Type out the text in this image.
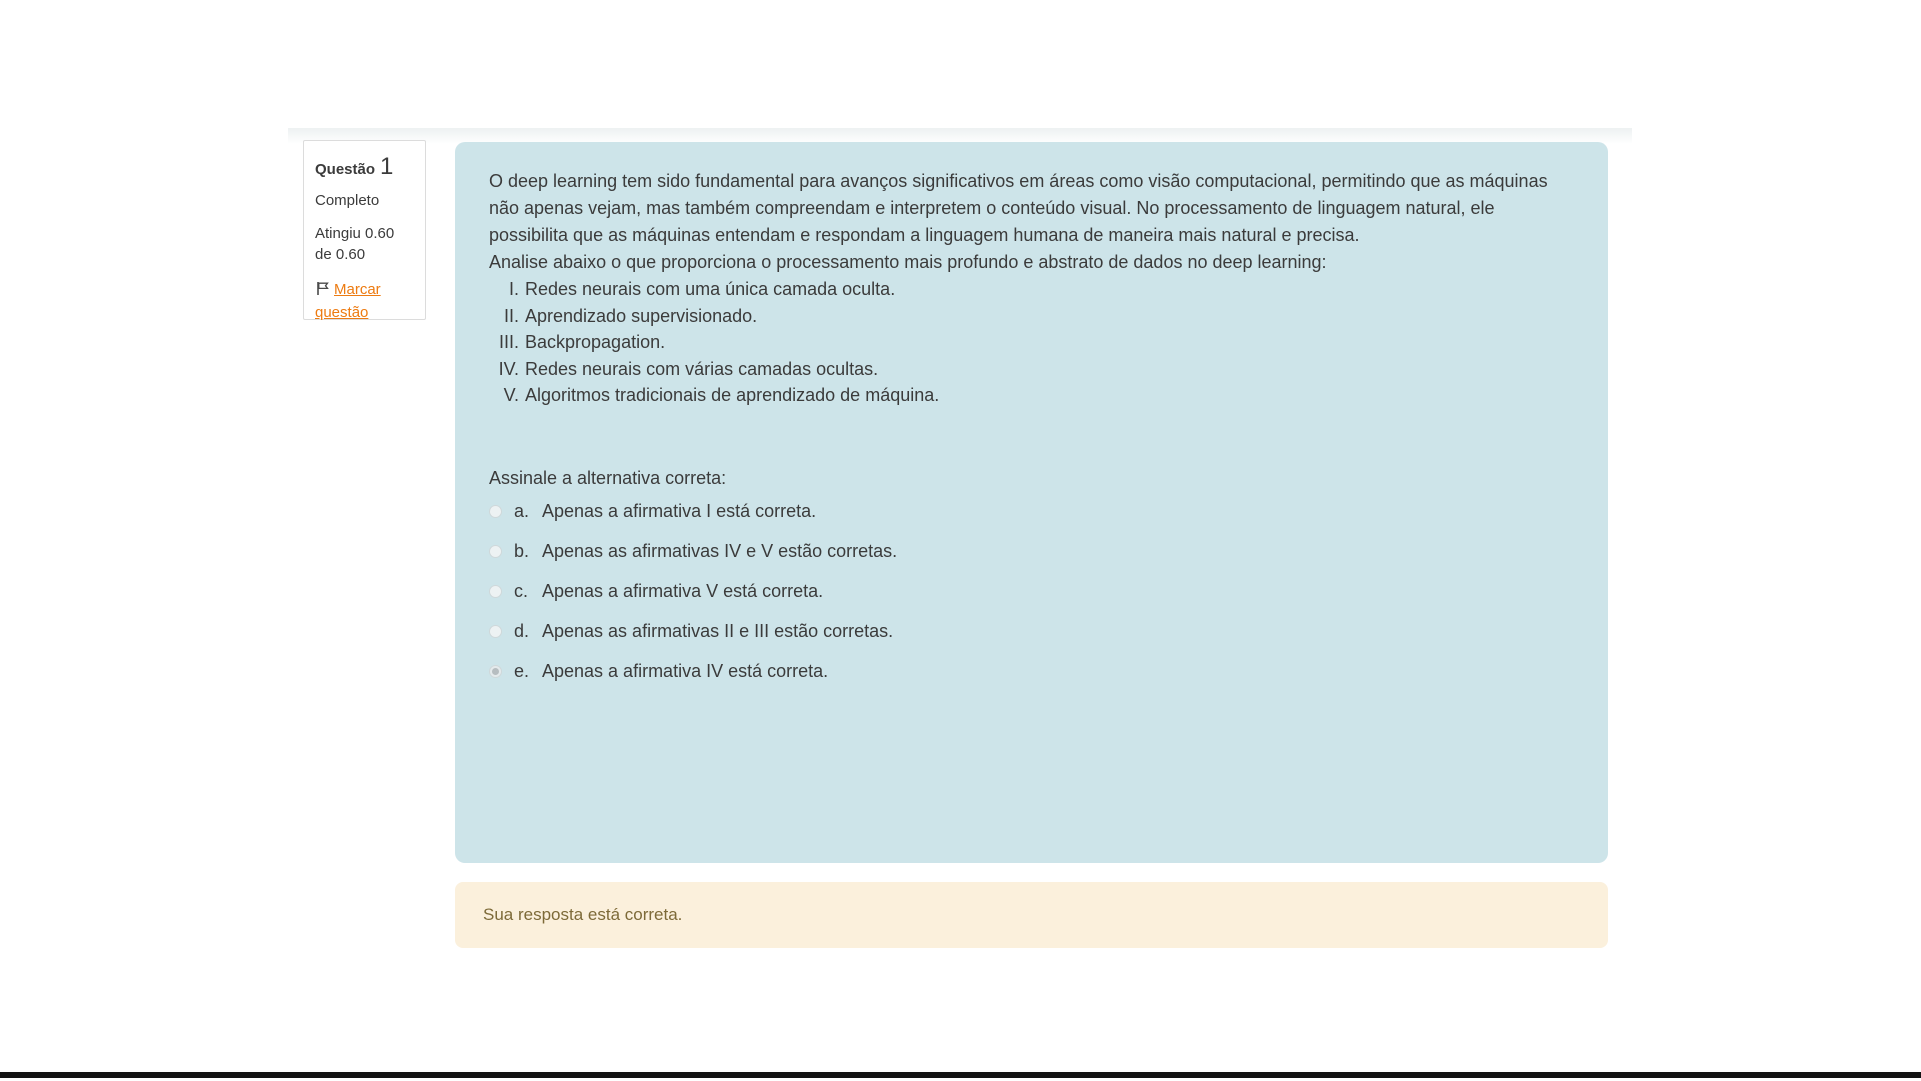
Questão 1
Completo
Atingiu 0.60 de 0.60
Marcar questão

O deep learning tem sido fundamental para avanços significativos em áreas como visão computacional, permitindo que as máquinas não apenas vejam, mas também compreendam e interpretem o conteúdo visual. No processamento de linguagem natural, ele possibilita que as máquinas entendam e respondam a linguagem humana de maneira mais natural e precisa.

Analise abaixo o que proporciona o processamento mais profundo e abstrato de dados no deep learning:

I. Redes neurais com uma única camada oculta.
II. Aprendizado supervisionado.
III. Backpropagation.
IV. Redes neurais com várias camadas ocultas.
V. Algoritmos tradicionais de aprendizado de máquina.

Assinale a alternativa correta:

a. Apenas a afirmativa I está correta.
b. Apenas as afirmativas IV e V estão corretas.
c. Apenas a afirmativa V está correta.
d. Apenas as afirmativas II e III estão corretas.
e. Apenas a afirmativa IV está correta.

Sua resposta está correta.
